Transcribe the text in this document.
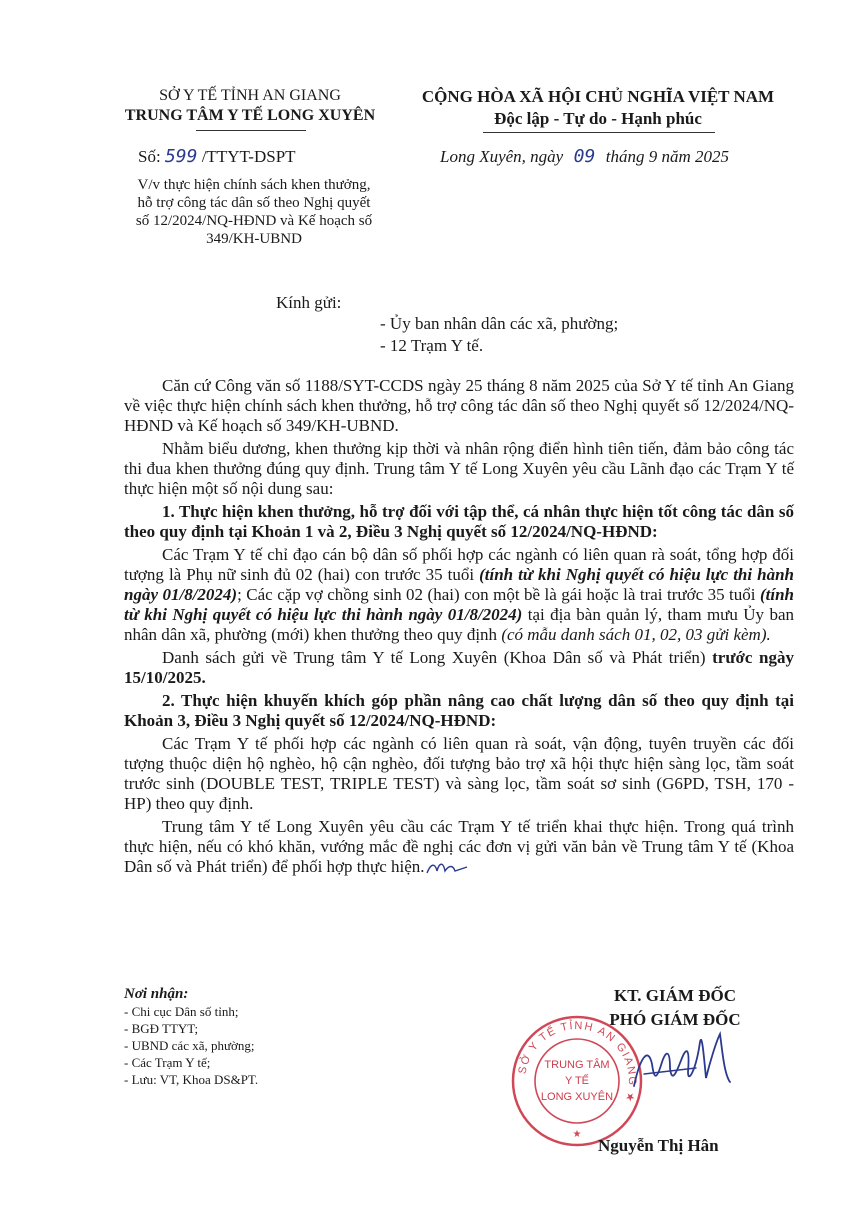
SỞ Y TẾ TỈNH AN GIANG
TRUNG TÂM Y TẾ LONG XUYÊN
CỘNG HÒA XÃ HỘI CHỦ NGHĨA VIỆT NAM
Độc lập - Tự do - Hạnh phúc
Số: 599 /TTYT-DSPT	Long Xuyên, ngày 09 tháng 9 năm 2025
V/v thực hiện chính sách khen thưởng,
hỗ trợ công tác dân số theo Nghị quyết
số 12/2024/NQ-HĐND và Kế hoạch số
349/KH-UBND
Kính gửi:
- Ủy ban nhân dân các xã, phường;
- 12 Trạm Y tế.

Căn cứ Công văn số 1188/SYT-CCDS ngày 25 tháng 8 năm 2025 của Sở Y tế tỉnh An Giang về việc thực hiện chính sách khen thưởng, hỗ trợ công tác dân số theo Nghị quyết số 12/2024/NQ-HĐND và Kế hoạch số 349/KH-UBND.

Nhằm biểu dương, khen thưởng kịp thời và nhân rộng điển hình tiên tiến, đảm bảo công tác thi đua khen thưởng đúng quy định. Trung tâm Y tế Long Xuyên yêu cầu Lãnh đạo các Trạm Y tế thực hiện một số nội dung sau:

1. Thực hiện khen thưởng, hỗ trợ đối với tập thể, cá nhân thực hiện tốt công tác dân số theo quy định tại Khoản 1 và 2, Điều 3 Nghị quyết số 12/2024/NQ-HĐND:

Các Trạm Y tế chỉ đạo cán bộ dân số phối hợp các ngành có liên quan rà soát, tổng hợp đối tượng là Phụ nữ sinh đủ 02 (hai) con trước 35 tuổi (tính từ khi Nghị quyết có hiệu lực thi hành ngày 01/8/2024); Các cặp vợ chồng sinh 02 (hai) con một bề là gái hoặc là trai trước 35 tuổi (tính từ khi Nghị quyết có hiệu lực thi hành ngày 01/8/2024) tại địa bàn quản lý, tham mưu Ủy ban nhân dân xã, phường (mới) khen thưởng theo quy định (có mẫu danh sách 01, 02, 03 gửi kèm).

Danh sách gửi về Trung tâm Y tế Long Xuyên (Khoa Dân số và Phát triển) trước ngày 15/10/2025.

2. Thực hiện khuyến khích góp phần nâng cao chất lượng dân số theo quy định tại Khoản 3, Điều 3 Nghị quyết số 12/2024/NQ-HĐND:

Các Trạm Y tế phối hợp các ngành có liên quan rà soát, vận động, tuyên truyền các đối tượng thuộc diện hộ nghèo, hộ cận nghèo, đối tượng bảo trợ xã hội thực hiện sàng lọc, tầm soát trước sinh (DOUBLE TEST, TRIPLE TEST) và sàng lọc, tầm soát sơ sinh (G6PD, TSH, 170 - HP) theo quy định.

Trung tâm Y tế Long Xuyên yêu cầu các Trạm Y tế triển khai thực hiện. Trong quá trình thực hiện, nếu có khó khăn, vướng mắc đề nghị các đơn vị gửi văn bản về Trung tâm Y tế (Khoa Dân số và Phát triển) để phối hợp thực hiện.

Nơi nhận:
- Chi cục Dân số tỉnh;
- BGĐ TTYT;
- UBND các xã, phường;
- Các Trạm Y tế;
- Lưu: VT, Khoa DS&PT.
KT. GIÁM ĐỐC
PHÓ GIÁM ĐỐC
SỞ Y TẾ TỈNH AN GIANG ★
TRUNG TÂM
Y TẾ
LONG XUYÊN
★
Nguyễn Thị Hân
